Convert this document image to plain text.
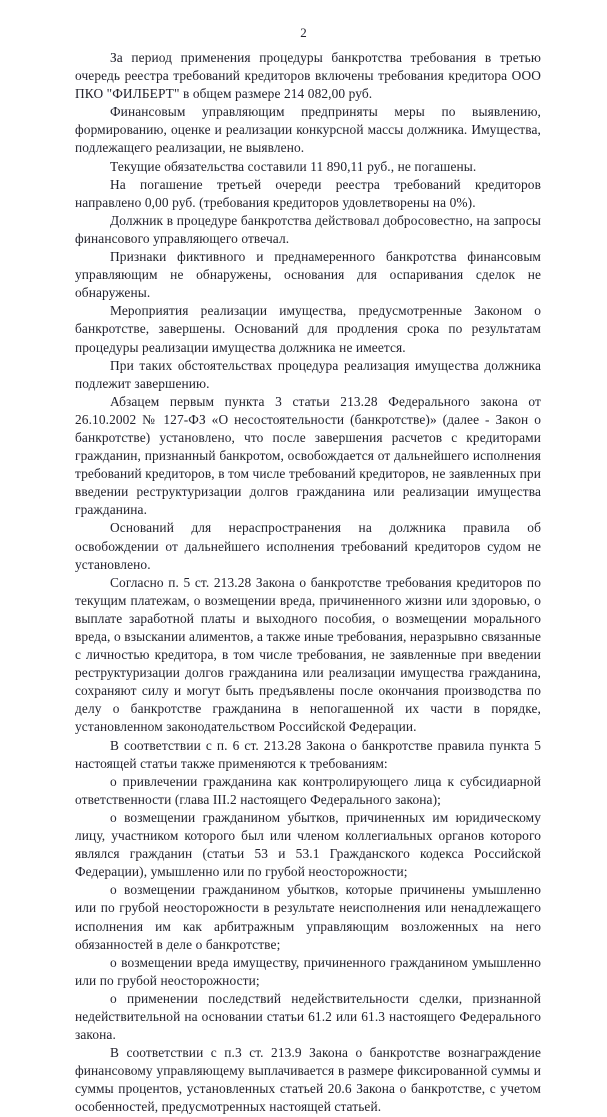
2

За период применения процедуры банкротства требования в третью очередь реестра требований кредиторов включены требования кредитора ООО ПКО "ФИЛБЕРТ" в общем размере 214 082,00 руб.

Финансовым управляющим предприняты меры по выявлению, формированию, оценке и реализации конкурсной массы должника. Имущества, подлежащего реализации, не выявлено.

Текущие обязательства составили 11 890,11 руб., не погашены.

На погашение третьей очереди реестра требований кредиторов направлено 0,00 руб. (требования кредиторов удовлетворены на 0%).

Должник в процедуре банкротства действовал добросовестно, на запросы финансового управляющего отвечал.

Признаки фиктивного и преднамеренного банкротства финансовым управляющим не обнаружены, основания для оспаривания сделок не обнаружены.

Мероприятия реализации имущества, предусмотренные Законом о банкротстве, завершены. Оснований для продления срока по результатам процедуры реализации имущества должника не имеется.

При таких обстоятельствах процедура реализация имущества должника подлежит завершению.

Абзацем первым пункта 3 статьи 213.28 Федерального закона от 26.10.2002 № 127-ФЗ «О несостоятельности (банкротстве)» (далее - Закон о банкротстве) установлено, что после завершения расчетов с кредиторами гражданин, признанный банкротом, освобождается от дальнейшего исполнения требований кредиторов, в том числе требований кредиторов, не заявленных при введении реструктуризации долгов гражданина или реализации имущества гражданина.

Оснований для нераспространения на должника правила об освобождении от дальнейшего исполнения требований кредиторов судом не установлено.

Согласно п. 5 ст. 213.28 Закона о банкротстве требования кредиторов по текущим платежам, о возмещении вреда, причиненного жизни или здоровью, о выплате заработной платы и выходного пособия, о возмещении морального вреда, о взыскании алиментов, а также иные требования, неразрывно связанные с личностью кредитора, в том числе требования, не заявленные при введении реструктуризации долгов гражданина или реализации имущества гражданина, сохраняют силу и могут быть предъявлены после окончания производства по делу о банкротстве гражданина в непогашенной их части в порядке, установленном законодательством Российской Федерации.

В соответствии с п. 6 ст. 213.28 Закона о банкротстве правила пункта 5 настоящей статьи также применяются к требованиям:

о привлечении гражданина как контролирующего лица к субсидиарной ответственности (глава III.2 настоящего Федерального закона);

о возмещении гражданином убытков, причиненных им юридическому лицу, участником которого был или членом коллегиальных органов которого являлся гражданин (статьи 53 и 53.1 Гражданского кодекса Российской Федерации), умышленно или по грубой неосторожности;

о возмещении гражданином убытков, которые причинены умышленно или по грубой неосторожности в результате неисполнения или ненадлежащего исполнения им как арбитражным управляющим возложенных на него обязанностей в деле о банкротстве;

о возмещении вреда имуществу, причиненного гражданином умышленно или по грубой неосторожности;

о применении последствий недействительности сделки, признанной недействительной на основании статьи 61.2 или 61.3 настоящего Федерального закона.

В соответствии с п.3 ст. 213.9 Закона о банкротстве вознаграждение финансовому управляющему выплачивается в размере фиксированной суммы и суммы процентов, установленных статьей 20.6 Закона о банкротстве, с учетом особенностей, предусмотренных настоящей статьей.
